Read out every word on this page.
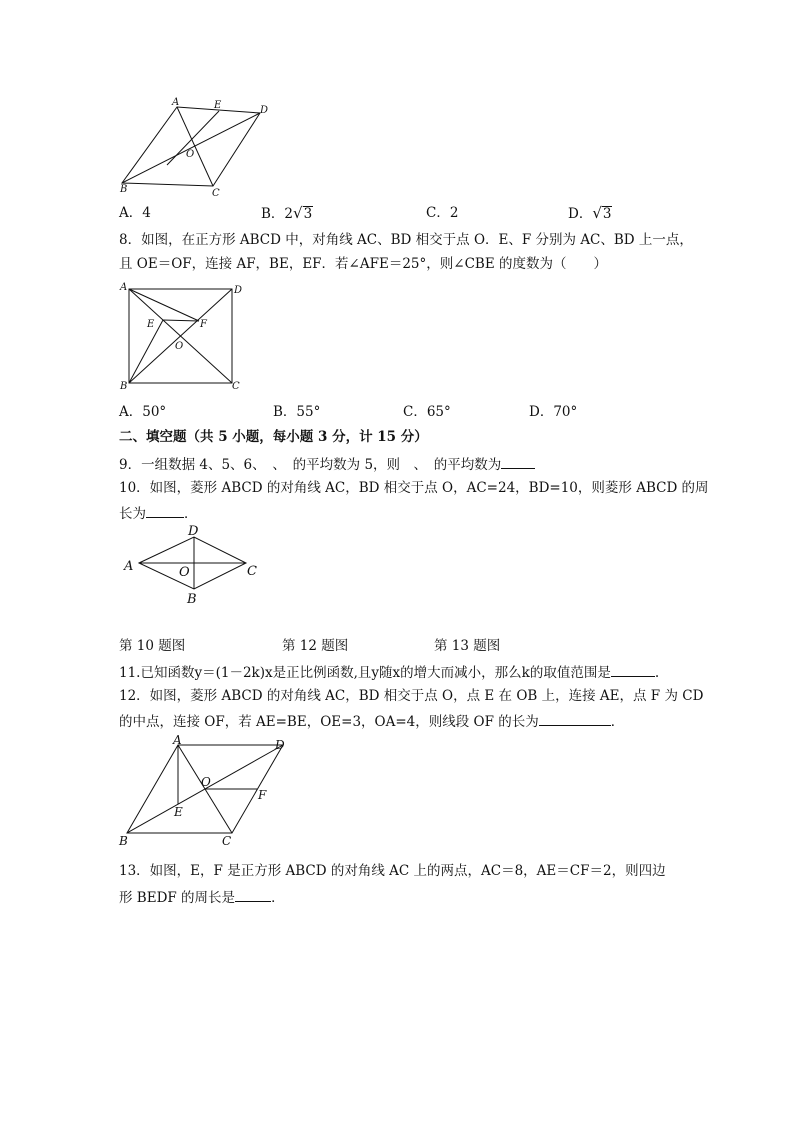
A	E	D
O
B	C
A．4	B．2√3	C．2	D．√3
8．如图，在正方形 ABCD 中，对角线 AC、BD 相交于点 O．E、F 分别为 AC、BD 上一点，
且 OE＝OF，连接 AF，BE，EF．若∠AFE＝25°，则∠CBE 的度数为（　　）
A	D
E	F
O
B	C
A．50°	B．55°	C．65°	D．70°
二、填空题（共 5 小题，每小题 3 分，计 15 分）
9．一组数据 4、5、6、　、　的平均数为 5，则　、　的平均数为
10．如图，菱形 ABCD 的对角线 AC，BD 相交于点 O，AC=24，BD=10，则菱形 ABCD 的周
长为	．
A
D
O	C
B
第 10 题图	第 12 题图	第 13 题图
11.已知函数y＝(1－2k)x是正比例函数,且y随x的增大而减小，那么k的取值范围是	.
12．如图，菱形 ABCD 的对角线 AC，BD 相交于点 O，点 E 在 OB 上，连接 AE，点 F 为 CD
的中点，连接 OF，若 AE=BE，OE=3，OA=4，则线段 OF 的长为	．
A	D
O
F
E
B	C
13．如图，E，F 是正方形 ABCD 的对角线 AC 上的两点，AC＝8，AE＝CF＝2，则四边
形 BEDF 的周长是	．
